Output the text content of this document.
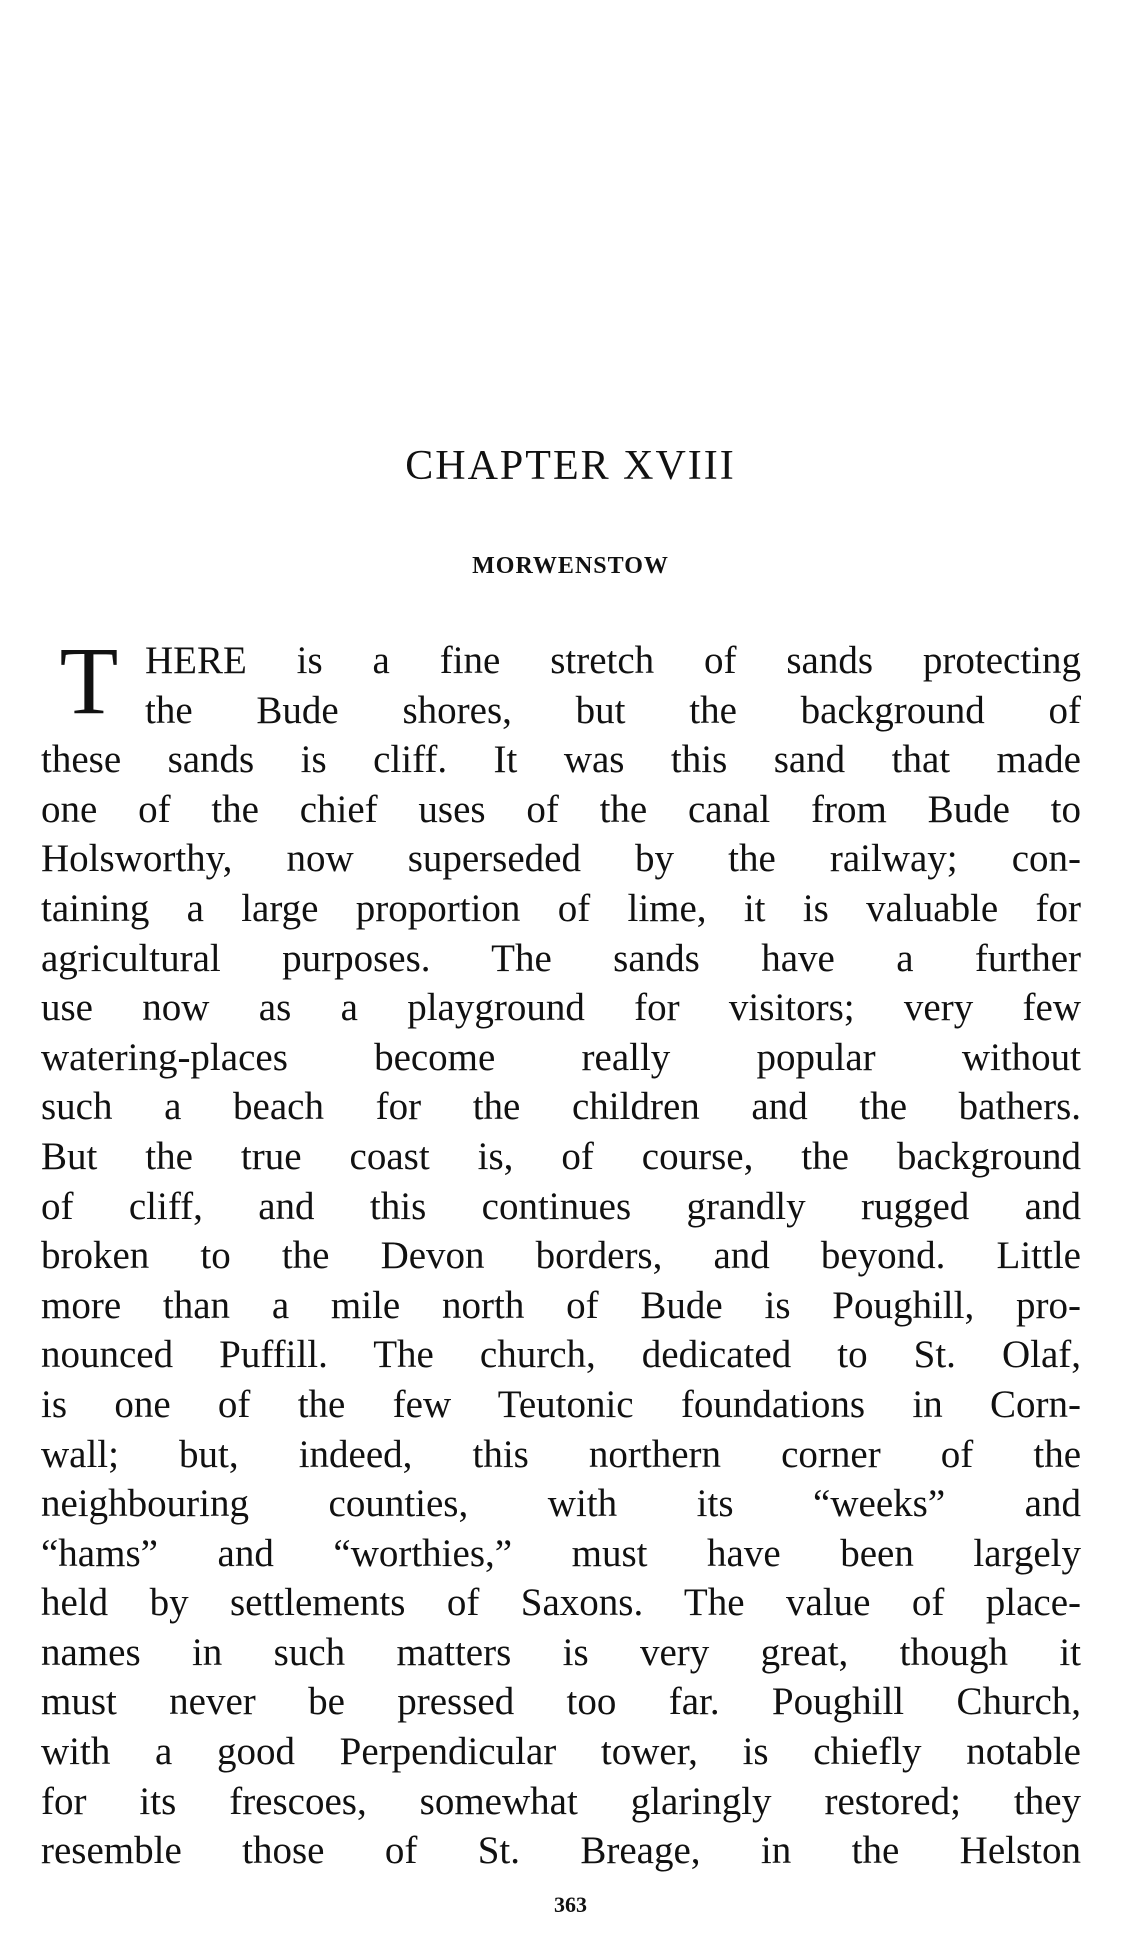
CHAPTER XVIII
MORWENSTOW
T HERE is a fine stretch of sands protecting
the Bude shores, but the background of
these sands is cliff. It was this sand that made
one of the chief uses of the canal from Bude to
Holsworthy, now superseded by the railway; con-
taining a large proportion of lime, it is valuable for
agricultural purposes. The sands have a further
use now as a playground for visitors; very few
watering-places become really popular without
such a beach for the children and the bathers.
But the true coast is, of course, the background
of cliff, and this continues grandly rugged and
broken to the Devon borders, and beyond. Little
more than a mile north of Bude is Poughill, pro-
nounced Puffill. The church, dedicated to St. Olaf,
is one of the few Teutonic foundations in Corn-
wall; but, indeed, this northern corner of the
neighbouring counties, with its “weeks” and
“hams” and “worthies,” must have been largely
held by settlements of Saxons. The value of place-
names in such matters is very great, though it
must never be pressed too far. Poughill Church,
with a good Perpendicular tower, is chiefly notable
for its frescoes, somewhat glaringly restored; they
resemble those of St. Breage, in the Helston
363
